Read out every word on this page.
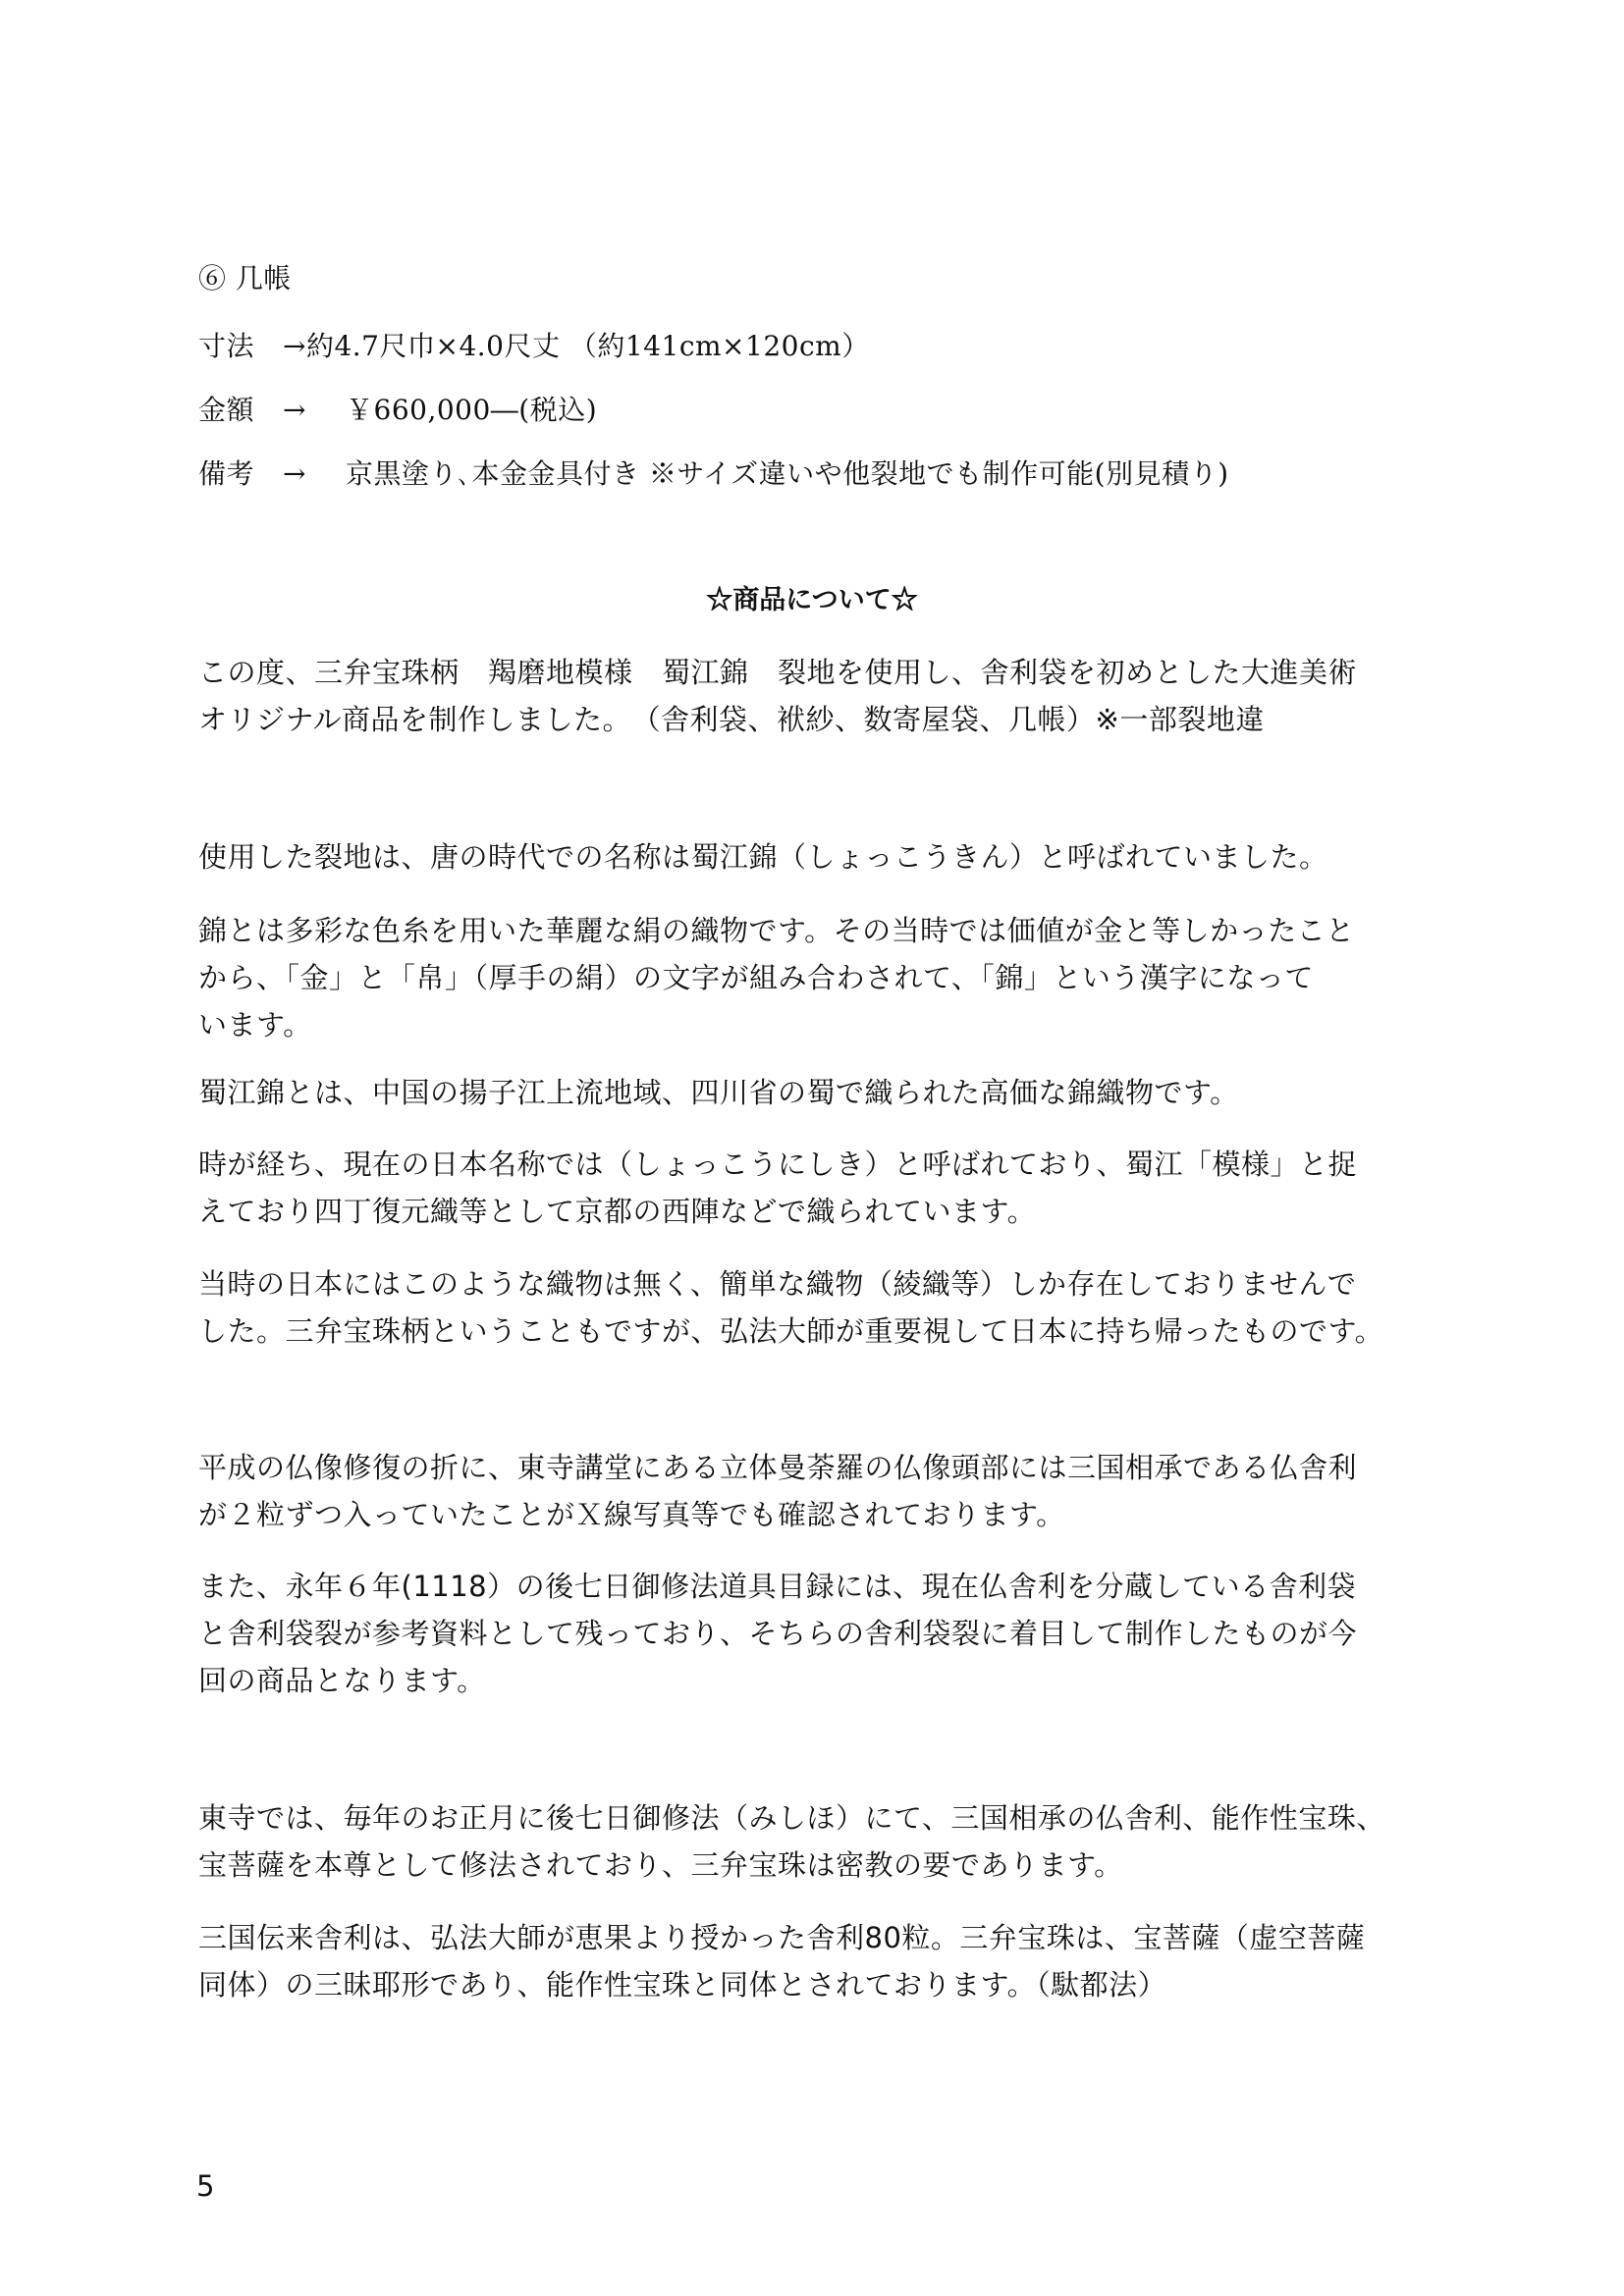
⑥ 几帳
寸法 →約4.7尺巾×4.0尺丈 （約141cm×120cm）
金額 → ￥660,000―(税込)
備考 → 京黒塗り､本金金具付き ※サイズ違いや他裂地でも制作可能(別見積り)
☆商品について☆
この度、三弁宝珠柄　羯磨地模様　蜀江錦　裂地を使用し、舎利袋を初めとした大進美術
オリジナル商品を制作しました。　（舎利袋、袱紗、数寄屋袋、几帳）※一部裂地違
使用した裂地は、唐の時代での名称は蜀江錦（しょっこうきん）と呼ばれていました。
錦とは多彩な色糸を用いた華麗な絹の織物です。その当時では価値が金と等しかったこと
から、「金」と「帛」（厚手の絹）の文字が組み合わされて、「錦」という漢字になって
います。
蜀江錦とは、中国の揚子江上流地域、四川省の蜀で織られた高価な錦織物です。
時が経ち、現在の日本名称では（しょっこうにしき）と呼ばれており、蜀江「模様」と捉
えており四丁復元織等として京都の西陣などで織られています。
当時の日本にはこのような織物は無く、簡単な織物（綾織等）しか存在しておりませんで
した。三弁宝珠柄ということもですが、弘法大師が重要視して日本に持ち帰ったものです。
平成の仏像修復の折に、東寺講堂にある立体曼荼羅の仏像頭部には三国相承である仏舎利
が２粒ずつ入っていたことがＸ線写真等でも確認されております。
また、永年６年(1118）の後七日御修法道具目録には、現在仏舎利を分蔵している舎利袋
と舎利袋裂が参考資料として残っており、そちらの舎利袋裂に着目して制作したものが今
回の商品となります。
東寺では、毎年のお正月に後七日御修法（みしほ）にて、三国相承の仏舎利、能作性宝珠、
宝菩薩を本尊として修法されており、三弁宝珠は密教の要であります。
三国伝来舎利は、弘法大師が恵果より授かった舎利80粒。三弁宝珠は、宝菩薩（虚空菩薩
同体）の三昧耶形であり、能作性宝珠と同体とされております。（駄都法）
5
